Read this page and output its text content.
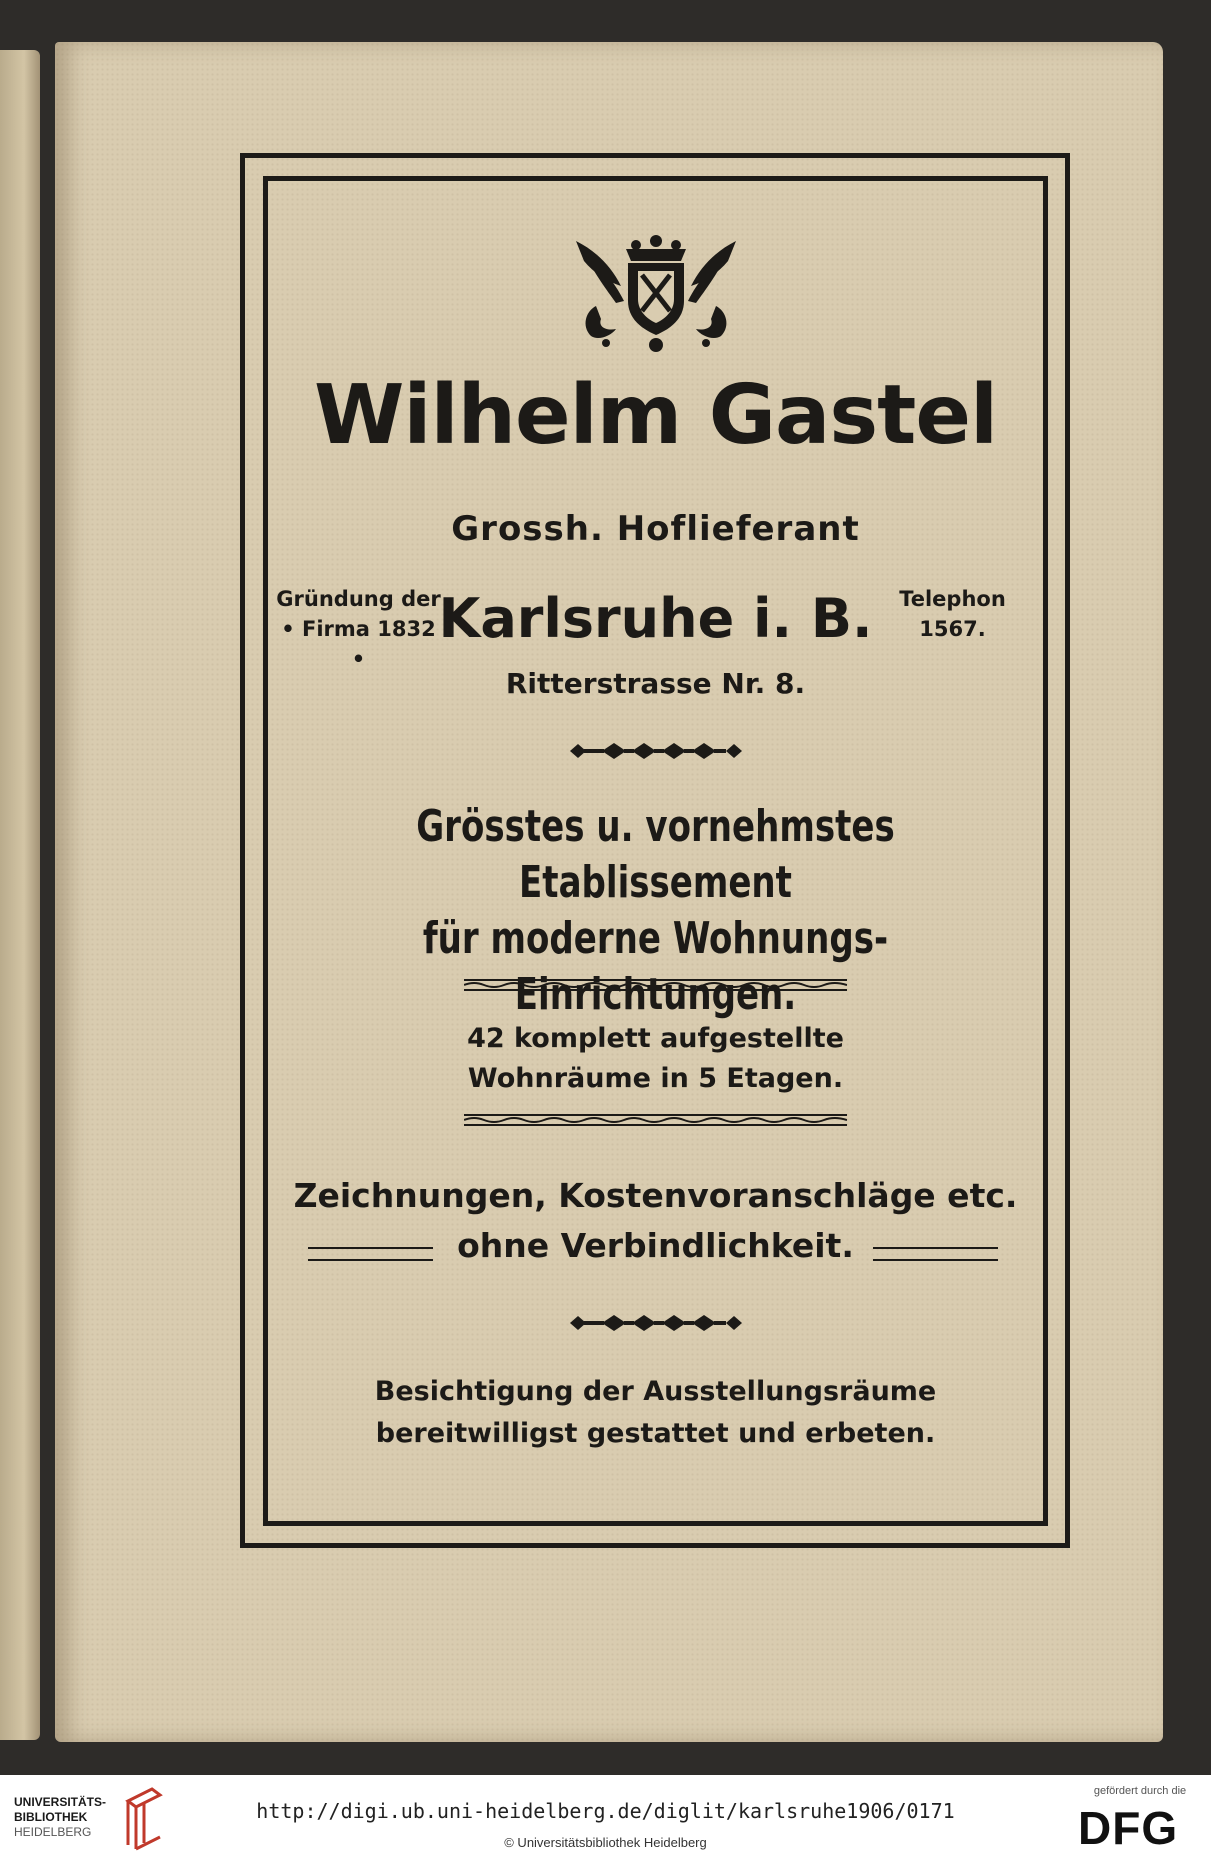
Wilhelm Gastel
Grossh. Hoflieferant
Gründung der
• Firma 1832 •
Karlsruhe i. B.	Telephon
1567.
Ritterstrasse Nr. 8.
Grösstes u. vornehmstes Etablissement
für moderne Wohnungs-Einrichtungen.
42 komplett aufgestellte
Wohnräume in 5 Etagen.
Zeichnungen, Kostenvoranschläge etc.
ohne Verbindlichkeit.
Besichtigung der Ausstellungsräume
bereitwilligst gestattet und erbeten.
UNIVERSITÄTS-
BIBLIOTHEK
HEIDELBERG
http://digi.ub.uni-heidelberg.de/diglit/karlsruhe1906/0171
© Universitätsbibliothek Heidelberg
gefördert durch die
DFG
